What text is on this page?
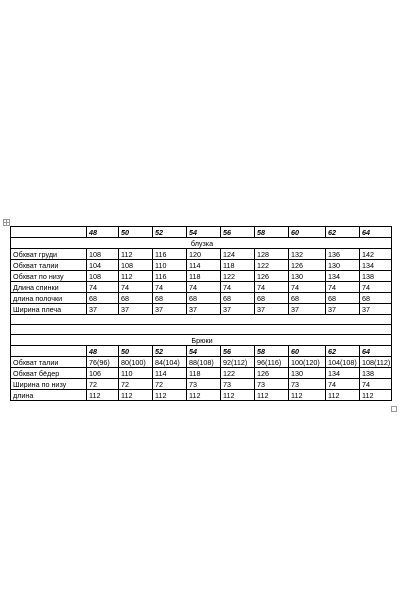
	48	50	52	54	56	58	60	62	64
блузка									
Обхват груди	108	112	116	120	124	128	132	136	142
Обхват талии	104	108	110	114	118	122	126	130	134
Обхват по низу	108	112	116	118	122	126	130	134	138
Длина спинки	74	74	74	74	74	74	74	74	74
длина полочки	68	68	68	68	68	68	68	68	68
Ширина плеча	37	37	37	37	37	37	37	37	37

Брюки									
	48	50	52	54	56	58	60	62	64
Обхват талии	76(96)	80(100)	84(104)	88(108)	92(112)	96(116)	100(120)	104(108)	108(112)
Обхват бёдер	106	110	114	118	122	126	130	134	138
Ширина по низу	72	72	72	73	73	73	73	74	74
длина	112	112	112	112	112	112	112	112	112
